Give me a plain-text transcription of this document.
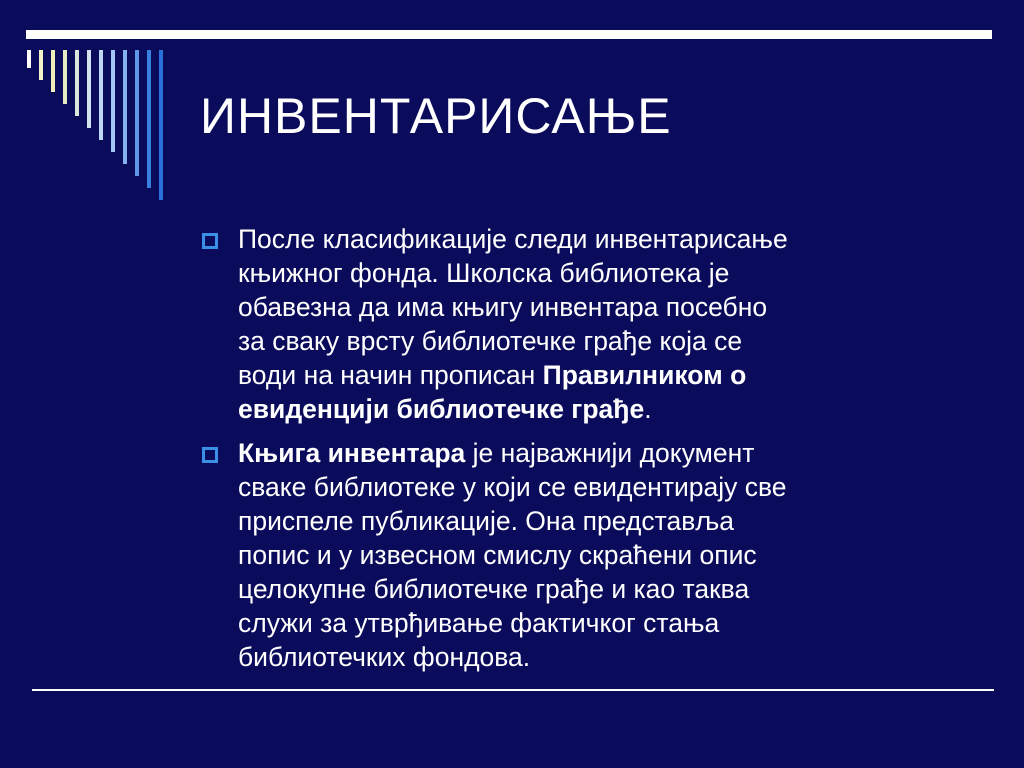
ИНВЕНТАРИСАЊЕ
После класификације следи инвентарисање
књижног фонда. Школска библиотека је
обавезна да има књигу инвентара посебно
за сваку врсту библиотечке грађе која се
води на начин прописан Правилником о
евиденцији библиотечке грађе.
Књига инвентара је најважнији документ
сваке библиотеке у који се евидентирају све
приспеле публикације. Она представља
попис и у извесном смислу скраћени опис
целокупне библиотечке грађе и као таква
служи за утврђивање фактичког стања
библиотечких фондова.
